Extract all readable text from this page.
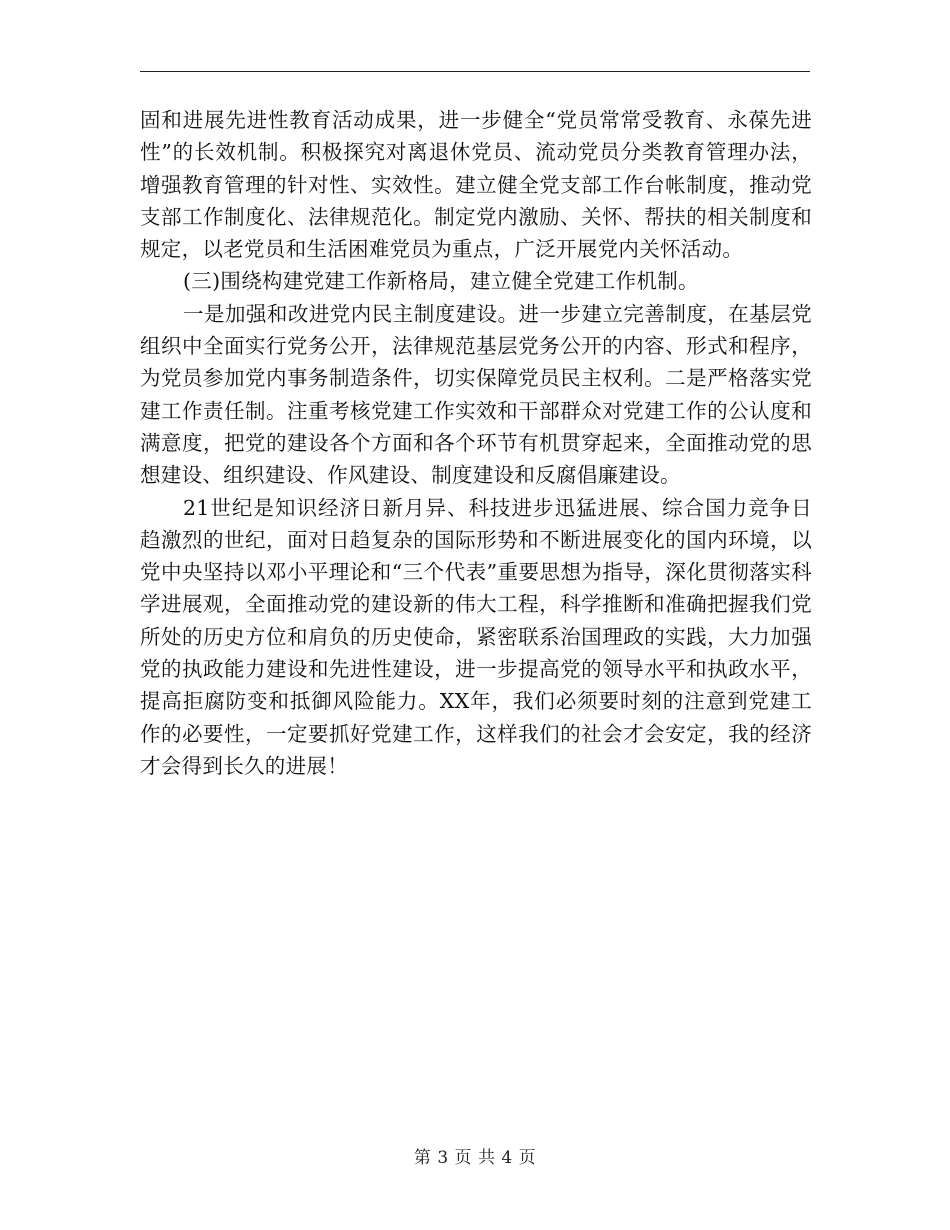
固和进展先进性教育活动成果，进一步健全“党员常常受教育、永葆先进性”的长效机制。积极探究对离退休党员、流动党员分类教育管理办法，增强教育管理的针对性、实效性。建立健全党支部工作台帐制度，推动党支部工作制度化、法律规范化。制定党内激励、关怀、帮扶的相关制度和规定，以老党员和生活困难党员为重点，广泛开展党内关怀活动。

(三)围绕构建党建工作新格局，建立健全党建工作机制。

一是加强和改进党内民主制度建设。进一步建立完善制度，在基层党组织中全面实行党务公开，法律规范基层党务公开的内容、形式和程序，为党员参加党内事务制造条件，切实保障党员民主权利。二是严格落实党建工作责任制。注重考核党建工作实效和干部群众对党建工作的公认度和满意度，把党的建设各个方面和各个环节有机贯穿起来，全面推动党的思想建设、组织建设、作风建设、制度建设和反腐倡廉建设。

21世纪是知识经济日新月异、科技进步迅猛进展、综合国力竞争日趋激烈的世纪，面对日趋复杂的国际形势和不断进展变化的国内环境，以党中央坚持以邓小平理论和“三个代表”重要思想为指导，深化贯彻落实科学进展观，全面推动党的建设新的伟大工程，科学推断和准确把握我们党所处的历史方位和肩负的历史使命，紧密联系治国理政的实践，大力加强党的执政能力建设和先进性建设，进一步提高党的领导水平和执政水平，提高拒腐防变和抵御风险能力。XX年，我们必须要时刻的注意到党建工作的必要性，一定要抓好党建工作，这样我们的社会才会安定，我的经济才会得到长久的进展！

第 3 页 共 4 页
